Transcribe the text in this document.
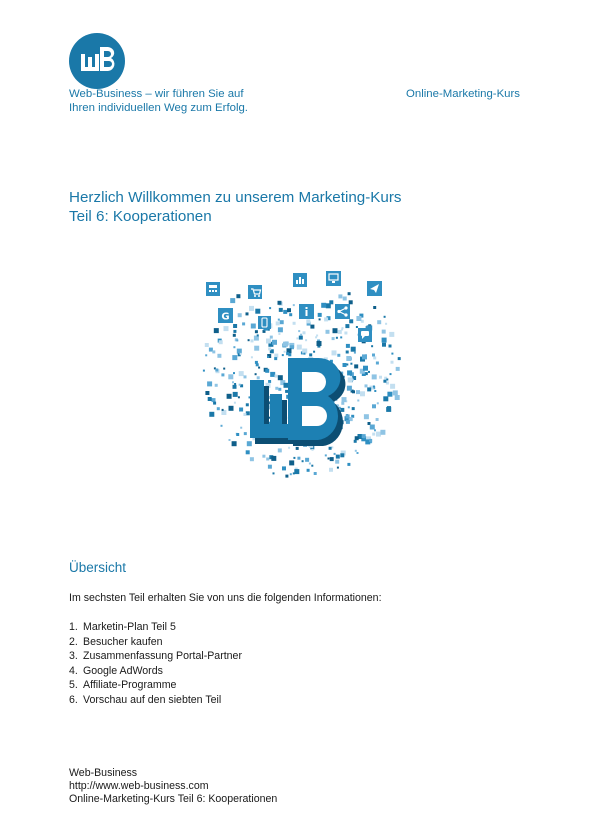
Web-Business – wir führen Sie auf
Ihren individuellen Weg zum Erfolg.
Online-Marketing-Kurs
Herzlich Willkommen zu unserem Marketing-Kurs
Teil 6: Kooperationen
G
Übersicht
Im sechsten Teil erhalten Sie von uns die folgenden Informationen:
1. Marketin-Plan Teil 5
2. Besucher kaufen
3. Zusammenfassung Portal-Partner
4. Google AdWords
5. Affiliate-Programme
6. Vorschau auf den siebten Teil
Web-Business
http://www.web-business.com
Online-Marketing-Kurs Teil 6: Kooperationen
